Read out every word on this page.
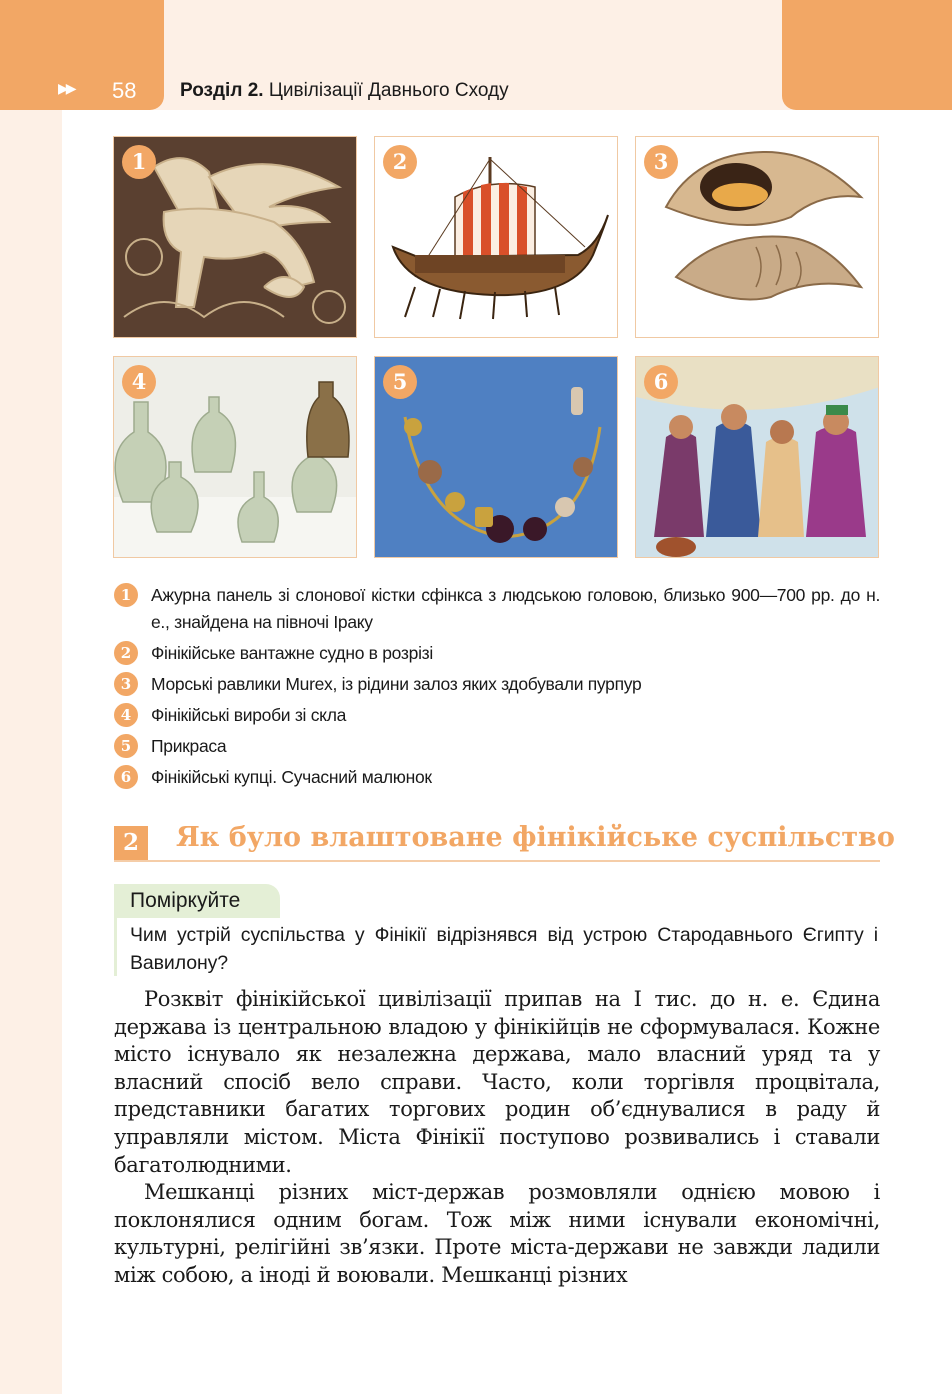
▶▶ 58 Розділ 2. Цивілізації Давнього Сходу
1	2	3
4	5	6
1	Ажурна панель зі слонової кістки сфінкса з людською головою, близько 900—700 рр. до н. е., знайдена на півночі Іраку
2	Фінікійське вантажне судно в розрізі
3	Морські равлики Murex, із рідини залоз яких здобували пурпур
4	Фінікійські вироби зі скла
5	Прикраса
6	Фінікійські купці. Сучасний малюнок
2	Як було влаштоване фінікійське суспільство
Поміркуйте
Чим устрій суспільства у Фінікії відрізнявся від устрою Стародавнього Єгипту і Вавилону?

Розквіт фінікійської цивілізації припав на І тис. до н. е. Єдина держава із центральною владою у фінікійців не сформувалася. Кожне місто існувало як незалежна держава, мало власний уряд та у власний спосіб вело справи. Часто, коли торгівля процвітала, представники багатих торгових родин об’єднувалися в раду й управляли містом. Міста Фінікії поступово розвивались і ставали багатолюдними.

Мешканці різних міст-держав розмовляли однією мовою і поклонялися одним богам. Тож між ними існували економічні, культурні, релігійні зв’язки. Проте міста-держави не завжди ладили між собою, а іноді й воювали. Мешканці різних
